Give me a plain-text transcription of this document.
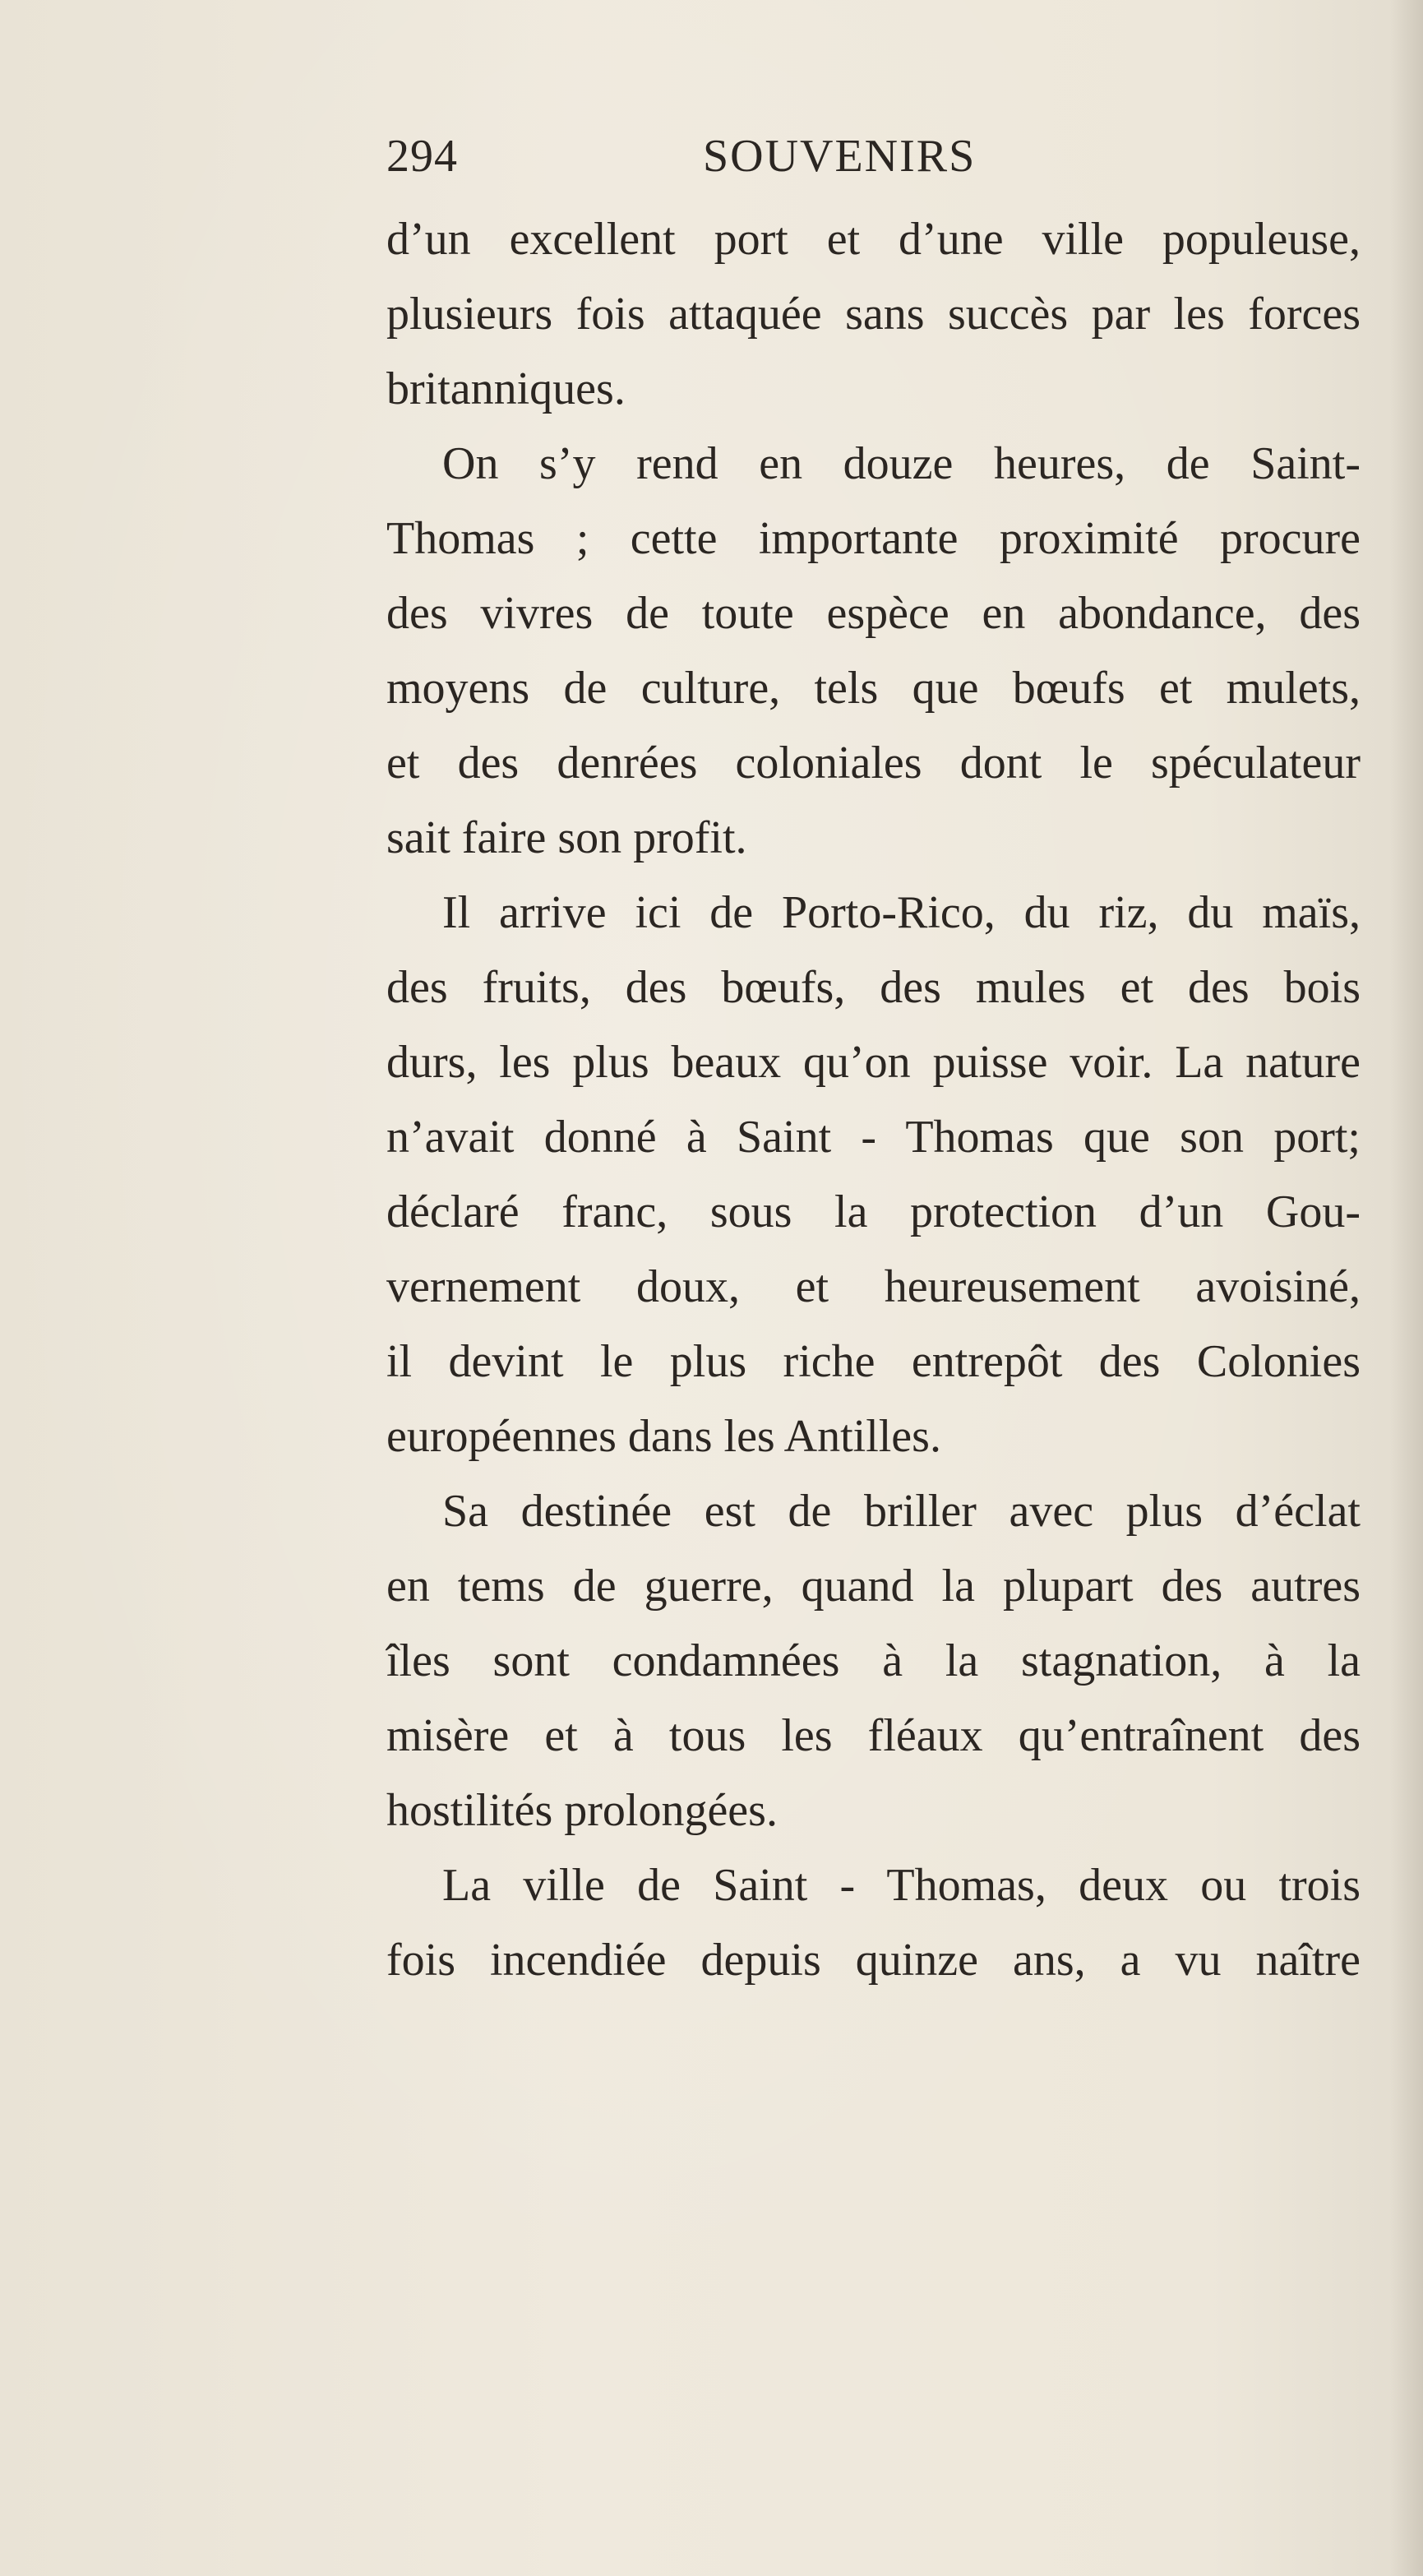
294	SOUVENIRS
d’un excellent port et d’une ville populeuse,
plusieurs fois attaquée sans succès par les forces
britanniques.
On s’y rend en douze heures, de Saint-
Thomas ; cette importante proximité procure
des vivres de toute espèce en abondance, des
moyens de culture, tels que bœufs et mulets,
et des denrées coloniales dont le spéculateur
sait faire son profit.
Il arrive ici de Porto-Rico, du riz, du maïs,
des fruits, des bœufs, des mules et des bois
durs, les plus beaux qu’on puisse voir. La nature
n’avait donné à Saint - Thomas que son port;
déclaré franc, sous la protection d’un Gou-
vernement doux, et heureusement avoisiné,
il devint le plus riche entrepôt des Colonies
européennes dans les Antilles.
Sa destinée est de briller avec plus d’éclat
en tems de guerre, quand la plupart des autres
îles sont condamnées à la stagnation, à la
misère et à tous les fléaux qu’entraînent des
hostilités prolongées.
La ville de Saint - Thomas, deux ou trois
fois incendiée depuis quinze ans, a vu naître
